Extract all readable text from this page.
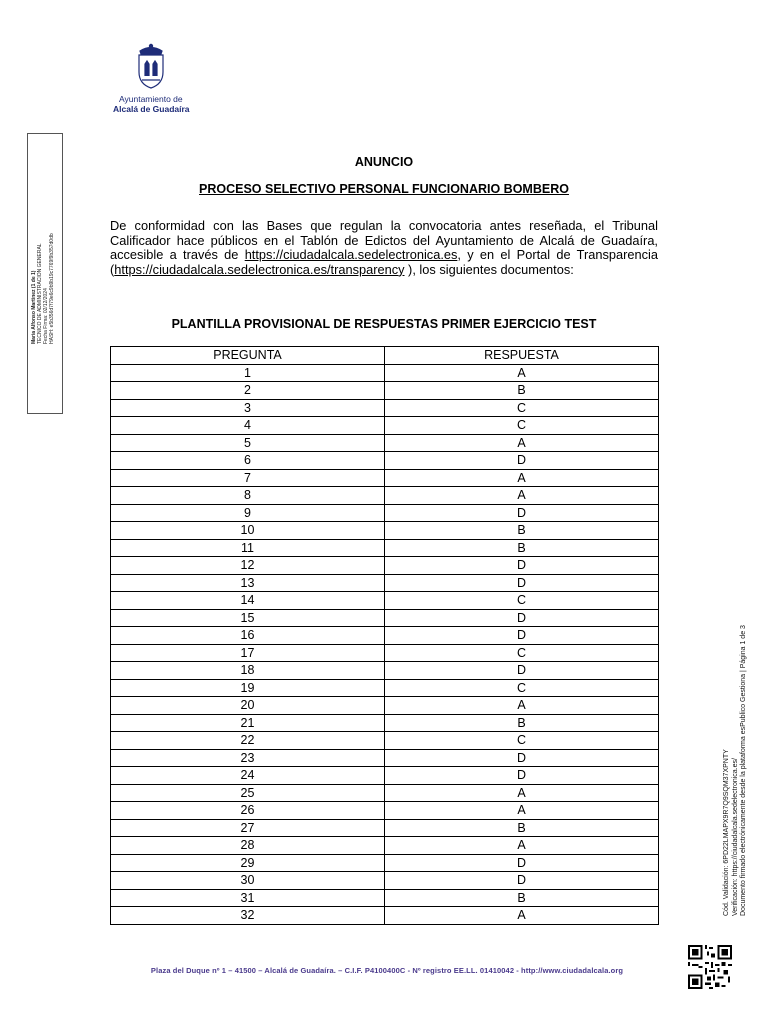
Ayuntamiento de
Alcalá de Guadaíra
Maria Alfonso Martinez (1 de 1) TECNICO DE ADMINISTRACION GENERAL Fecha Firma: 02/12/2024 HASH: e5b356d7f79e6c9b9b19c7769f9b357d0db
ANUNCIO
PROCESO SELECTIVO PERSONAL FUNCIONARIO BOMBERO
De conformidad con las Bases que regulan la convocatoria antes reseñada, el Tribunal Calificador hace públicos en el Tablón de Edictos del Ayuntamiento de Alcalá de Guadaíra, accesible a través de https://ciudadalcala.sedelectronica.es, y en el Portal de Transparencia (https://ciudadalcala.sedelectronica.es/transparency ), los siguientes documentos:
PLANTILLA PROVISIONAL DE RESPUESTAS PRIMER EJERCICIO TEST
PREGUNTA	RESPUESTA
1	A
2	B
3	C
4	C
5	A
6	D
7	A
8	A
9	D
10	B
11	B
12	D
13	D
14	C
15	D
16	D
17	C
18	D
19	C
20	A
21	B
22	C
23	D
24	D
25	A
26	A
27	B
28	A
29	D
30	D
31	B
32	A	Cód. Validación: 6PD22LMAPX9R7Q9SQM37XPNTY Verificación: https://ciudadalcala.sedelectronica.es/ Documento firmado electrónicamente desde la plataforma esPublico Gestiona | Página 1 de 3
Plaza del Duque nº 1 – 41500 – Alcalá de Guadaíra. – C.I.F. P4100400C - Nº registro EE.LL. 01410042 - http://www.ciudadalcala.org
